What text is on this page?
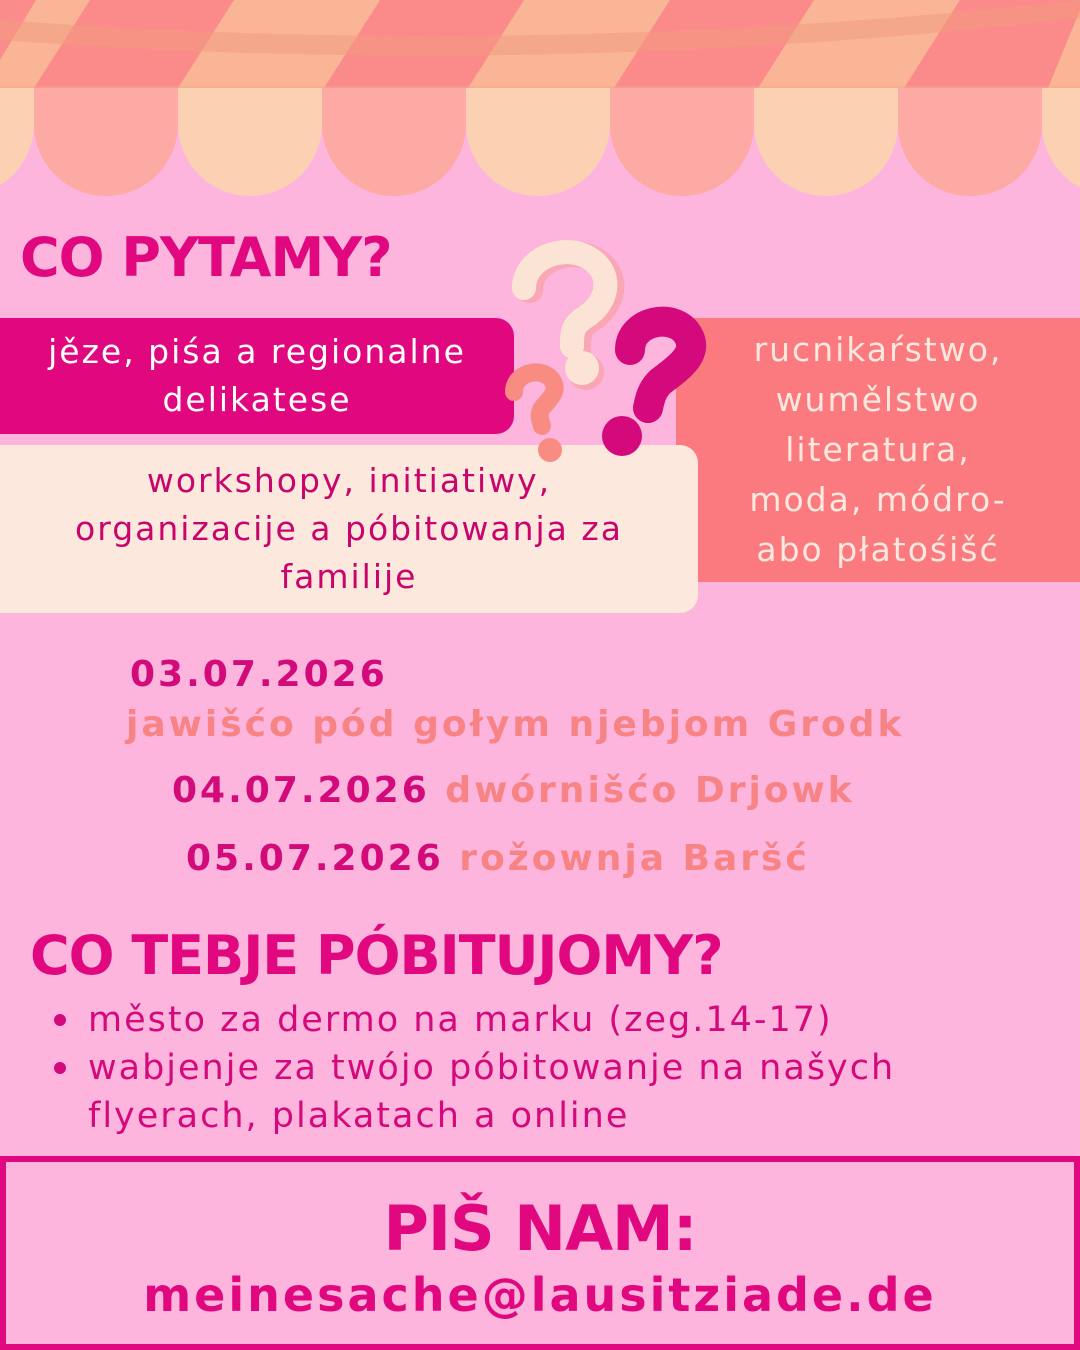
CO PYTAMY?
jěze, piśa a regionalne
delikatese
rucnikaŕstwo,
wumělstwo
literatura,
moda, módro-
abo płatośišć
workshopy, initiatiwy,
organizacije a póbitowanja za
familije
03.07.2026
jawišćo pód gołym njebjom Grodk
04.07.2026 dwórnišćo Drjowk
05.07.2026 rožownja Baršć
CO TEBJE PÓBITUJOMY?
město za dermo na marku (zeg.14-17)
wabjenje za twójo póbitowanje na našych flyerach, plakatach a online
PIŠ NAM:
meinesache@lausitziade.de
